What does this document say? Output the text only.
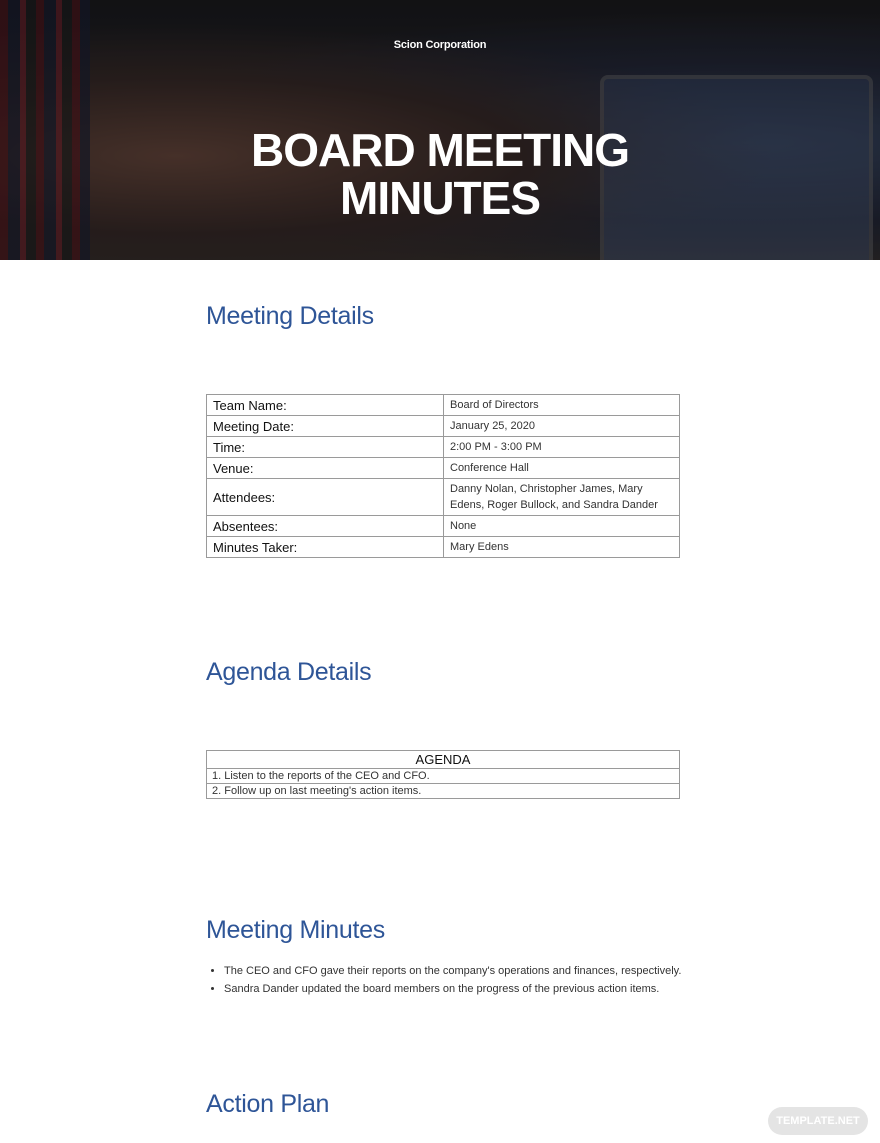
Scion Corporation
BOARD MEETING
MINUTES
Meeting Details
Team Name:	Board of Directors
Meeting Date:	January 25, 2020
Time:	2:00 PM - 3:00 PM
Venue:	Conference Hall
Attendees:	Danny Nolan, Christopher James, Mary Edens, Roger Bullock, and Sandra Dander
Absentees:	None
Minutes Taker:	Mary Edens
Agenda Details
AGENDA
1. Listen to the reports of the CEO and CFO.
2. Follow up on last meeting's action items.
Meeting Minutes
• The CEO and CFO gave their reports on the company's operations and finances, respectively.
• Sandra Dander updated the board members on the progress of the previous action items.
Action Plan
TEMPLATE.NET
